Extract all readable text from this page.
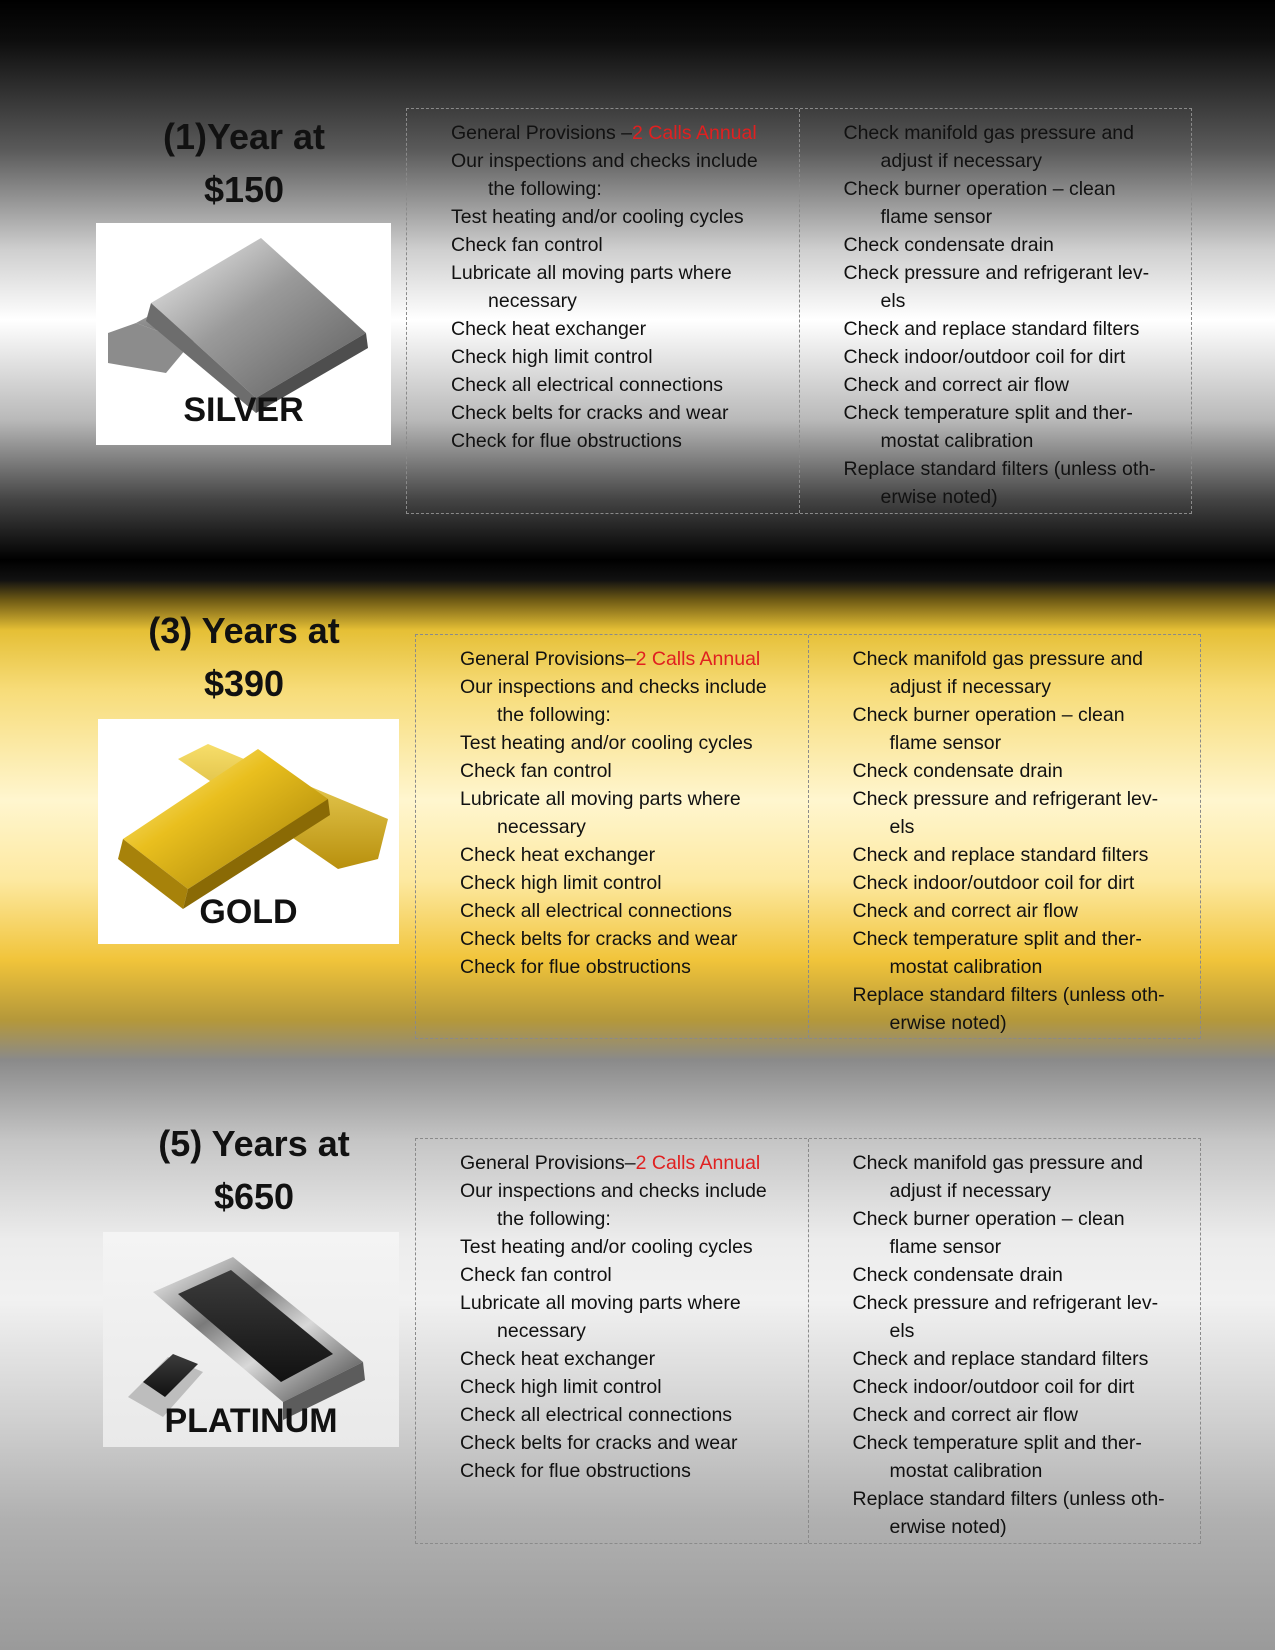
(1)Year at
$150
SILVER
General Provisions –2 Calls Annual
Our inspections and checks include
the following:
Test heating and/or cooling cycles
Check fan control
Lubricate all moving parts where
necessary
Check heat exchanger
Check high limit control
Check all electrical connections
Check belts for cracks and wear
Check for flue obstructions
Check manifold gas pressure and
adjust if necessary
Check burner operation – clean
flame sensor
Check condensate drain
Check pressure and refrigerant lev-
els
Check and replace standard filters
Check indoor/outdoor coil for dirt
Check and correct air flow
Check temperature split and ther-
mostat calibration
Replace standard filters (unless oth-
erwise noted)
(3) Years at
$390
GOLD
General Provisions–2 Calls Annual
Our inspections and checks include
the following:
Test heating and/or cooling cycles
Check fan control
Lubricate all moving parts where
necessary
Check heat exchanger
Check high limit control
Check all electrical connections
Check belts for cracks and wear
Check for flue obstructions
Check manifold gas pressure and
adjust if necessary
Check burner operation – clean
flame sensor
Check condensate drain
Check pressure and refrigerant lev-
els
Check and replace standard filters
Check indoor/outdoor coil for dirt
Check and correct air flow
Check temperature split and ther-
mostat calibration
Replace standard filters (unless oth-
erwise noted)
(5) Years at
$650
PLATINUM
General Provisions–2 Calls Annual
Our inspections and checks include
the following:
Test heating and/or cooling cycles
Check fan control
Lubricate all moving parts where
necessary
Check heat exchanger
Check high limit control
Check all electrical connections
Check belts for cracks and wear
Check for flue obstructions
Check manifold gas pressure and
adjust if necessary
Check burner operation – clean
flame sensor
Check condensate drain
Check pressure and refrigerant lev-
els
Check and replace standard filters
Check indoor/outdoor coil for dirt
Check and correct air flow
Check temperature split and ther-
mostat calibration
Replace standard filters (unless oth-
erwise noted)
